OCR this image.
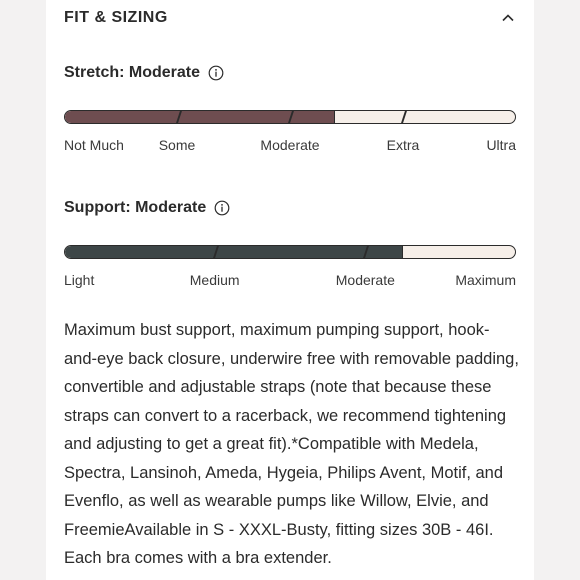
FIT & SIZING
Stretch: Moderate
Not Much Some	Moderate	Extra	Ultra
Support: Moderate
Light	Medium	Moderate	Maximum
Maximum bust support, maximum pumping support, hook-and-eye back closure, underwire free with removable padding, convertible and adjustable straps (note that because these straps can convert to a racerback, we recommend tightening and adjusting to get a great fit).*Compatible with Medela, Spectra, Lansinoh, Ameda, Hygeia, Philips Avent, Motif, and Evenflo, as well as wearable pumps like Willow, Elvie, and FreemieAvailable in S - XXXL-Busty, fitting sizes 30B - 46I. Each bra comes with a bra extender.
